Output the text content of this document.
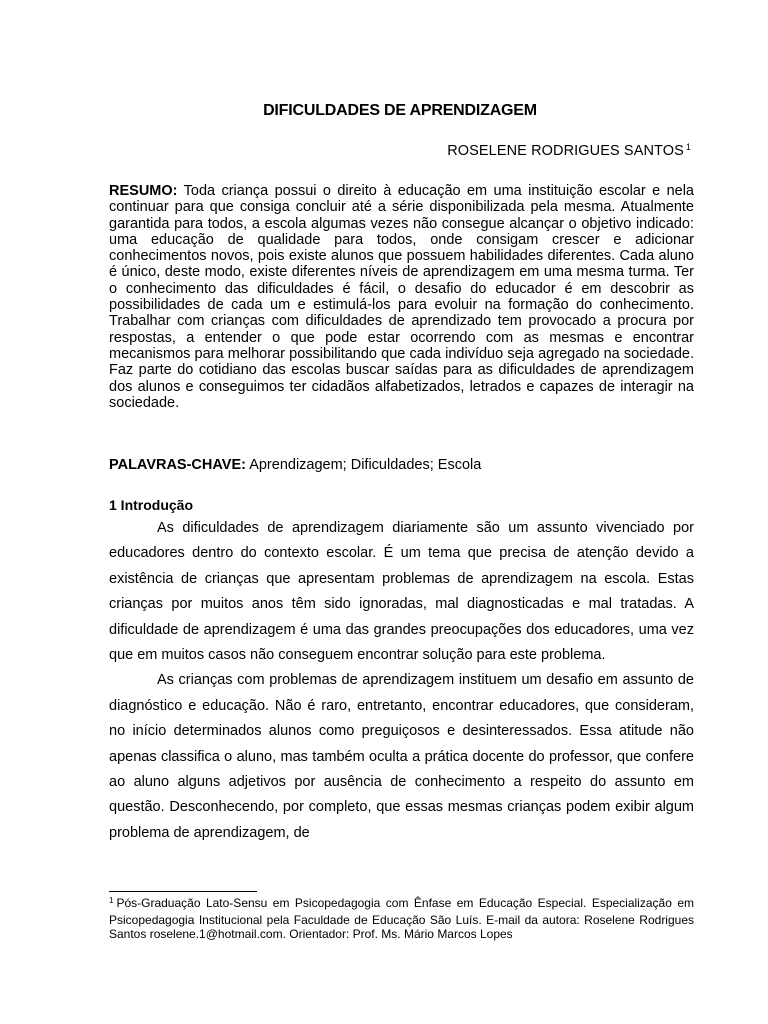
DIFICULDADES DE APRENDIZAGEM
ROSELENE RODRIGUES SANTOS $^1$
RESUMO: Toda criança possui o direito à educação em uma instituição escolar e nela continuar para que consiga concluir até a série disponibilizada pela mesma. Atualmente garantida para todos, a escola algumas vezes não consegue alcançar o objetivo indicado: uma educação de qualidade para todos, onde consigam crescer e adicionar conhecimentos novos, pois existe alunos que possuem habilidades diferentes. Cada aluno é único, deste modo, existe diferentes níveis de aprendizagem em uma mesma turma. Ter o conhecimento das dificuldades é fácil, o desafio do educador é em descobrir as possibilidades de cada um e estimulá-los para evoluir na formação do conhecimento. Trabalhar com crianças com dificuldades de aprendizado tem provocado a procura por respostas, a entender o que pode estar ocorrendo com as mesmas e encontrar mecanismos para melhorar possibilitando que cada indivíduo seja agregado na sociedade. Faz parte do cotidiano das escolas buscar saídas para as dificuldades de aprendizagem dos alunos e conseguimos ter cidadãos alfabetizados, letrados e capazes de interagir na sociedade.
PALAVRAS-CHAVE: Aprendizagem; Dificuldades; Escola
1 Introdução

As dificuldades de aprendizagem diariamente são um assunto vivenciado por educadores dentro do contexto escolar. É um tema que precisa de atenção devido a existência de crianças que apresentam problemas de aprendizagem na escola. Estas crianças por muitos anos têm sido ignoradas, mal diagnosticadas e mal tratadas. A dificuldade de aprendizagem é uma das grandes preocupações dos educadores, uma vez que em muitos casos não conseguem encontrar solução para este problema.

As crianças com problemas de aprendizagem instituem um desafio em assunto de diagnóstico e educação. Não é raro, entretanto, encontrar educadores, que consideram, no início determinados alunos como preguiçosos e desinteressados. Essa atitude não apenas classifica o aluno, mas também oculta a prática docente do professor, que confere ao aluno alguns adjetivos por ausência de conhecimento a respeito do assunto em questão. Desconhecendo, por completo, que essas mesmas crianças podem exibir algum problema de aprendizagem, de

$^1$ Pós-Graduação Lato-Sensu em Psicopedagogia com Ênfase em Educação Especial. Especialização em Psicopedagogia Institucional pela Faculdade de Educação São Luís. E-mail da autora: Roselene Rodrigues Santos roselene.1@hotmail.com. Orientador: Prof. Ms. Mário Marcos Lopes
